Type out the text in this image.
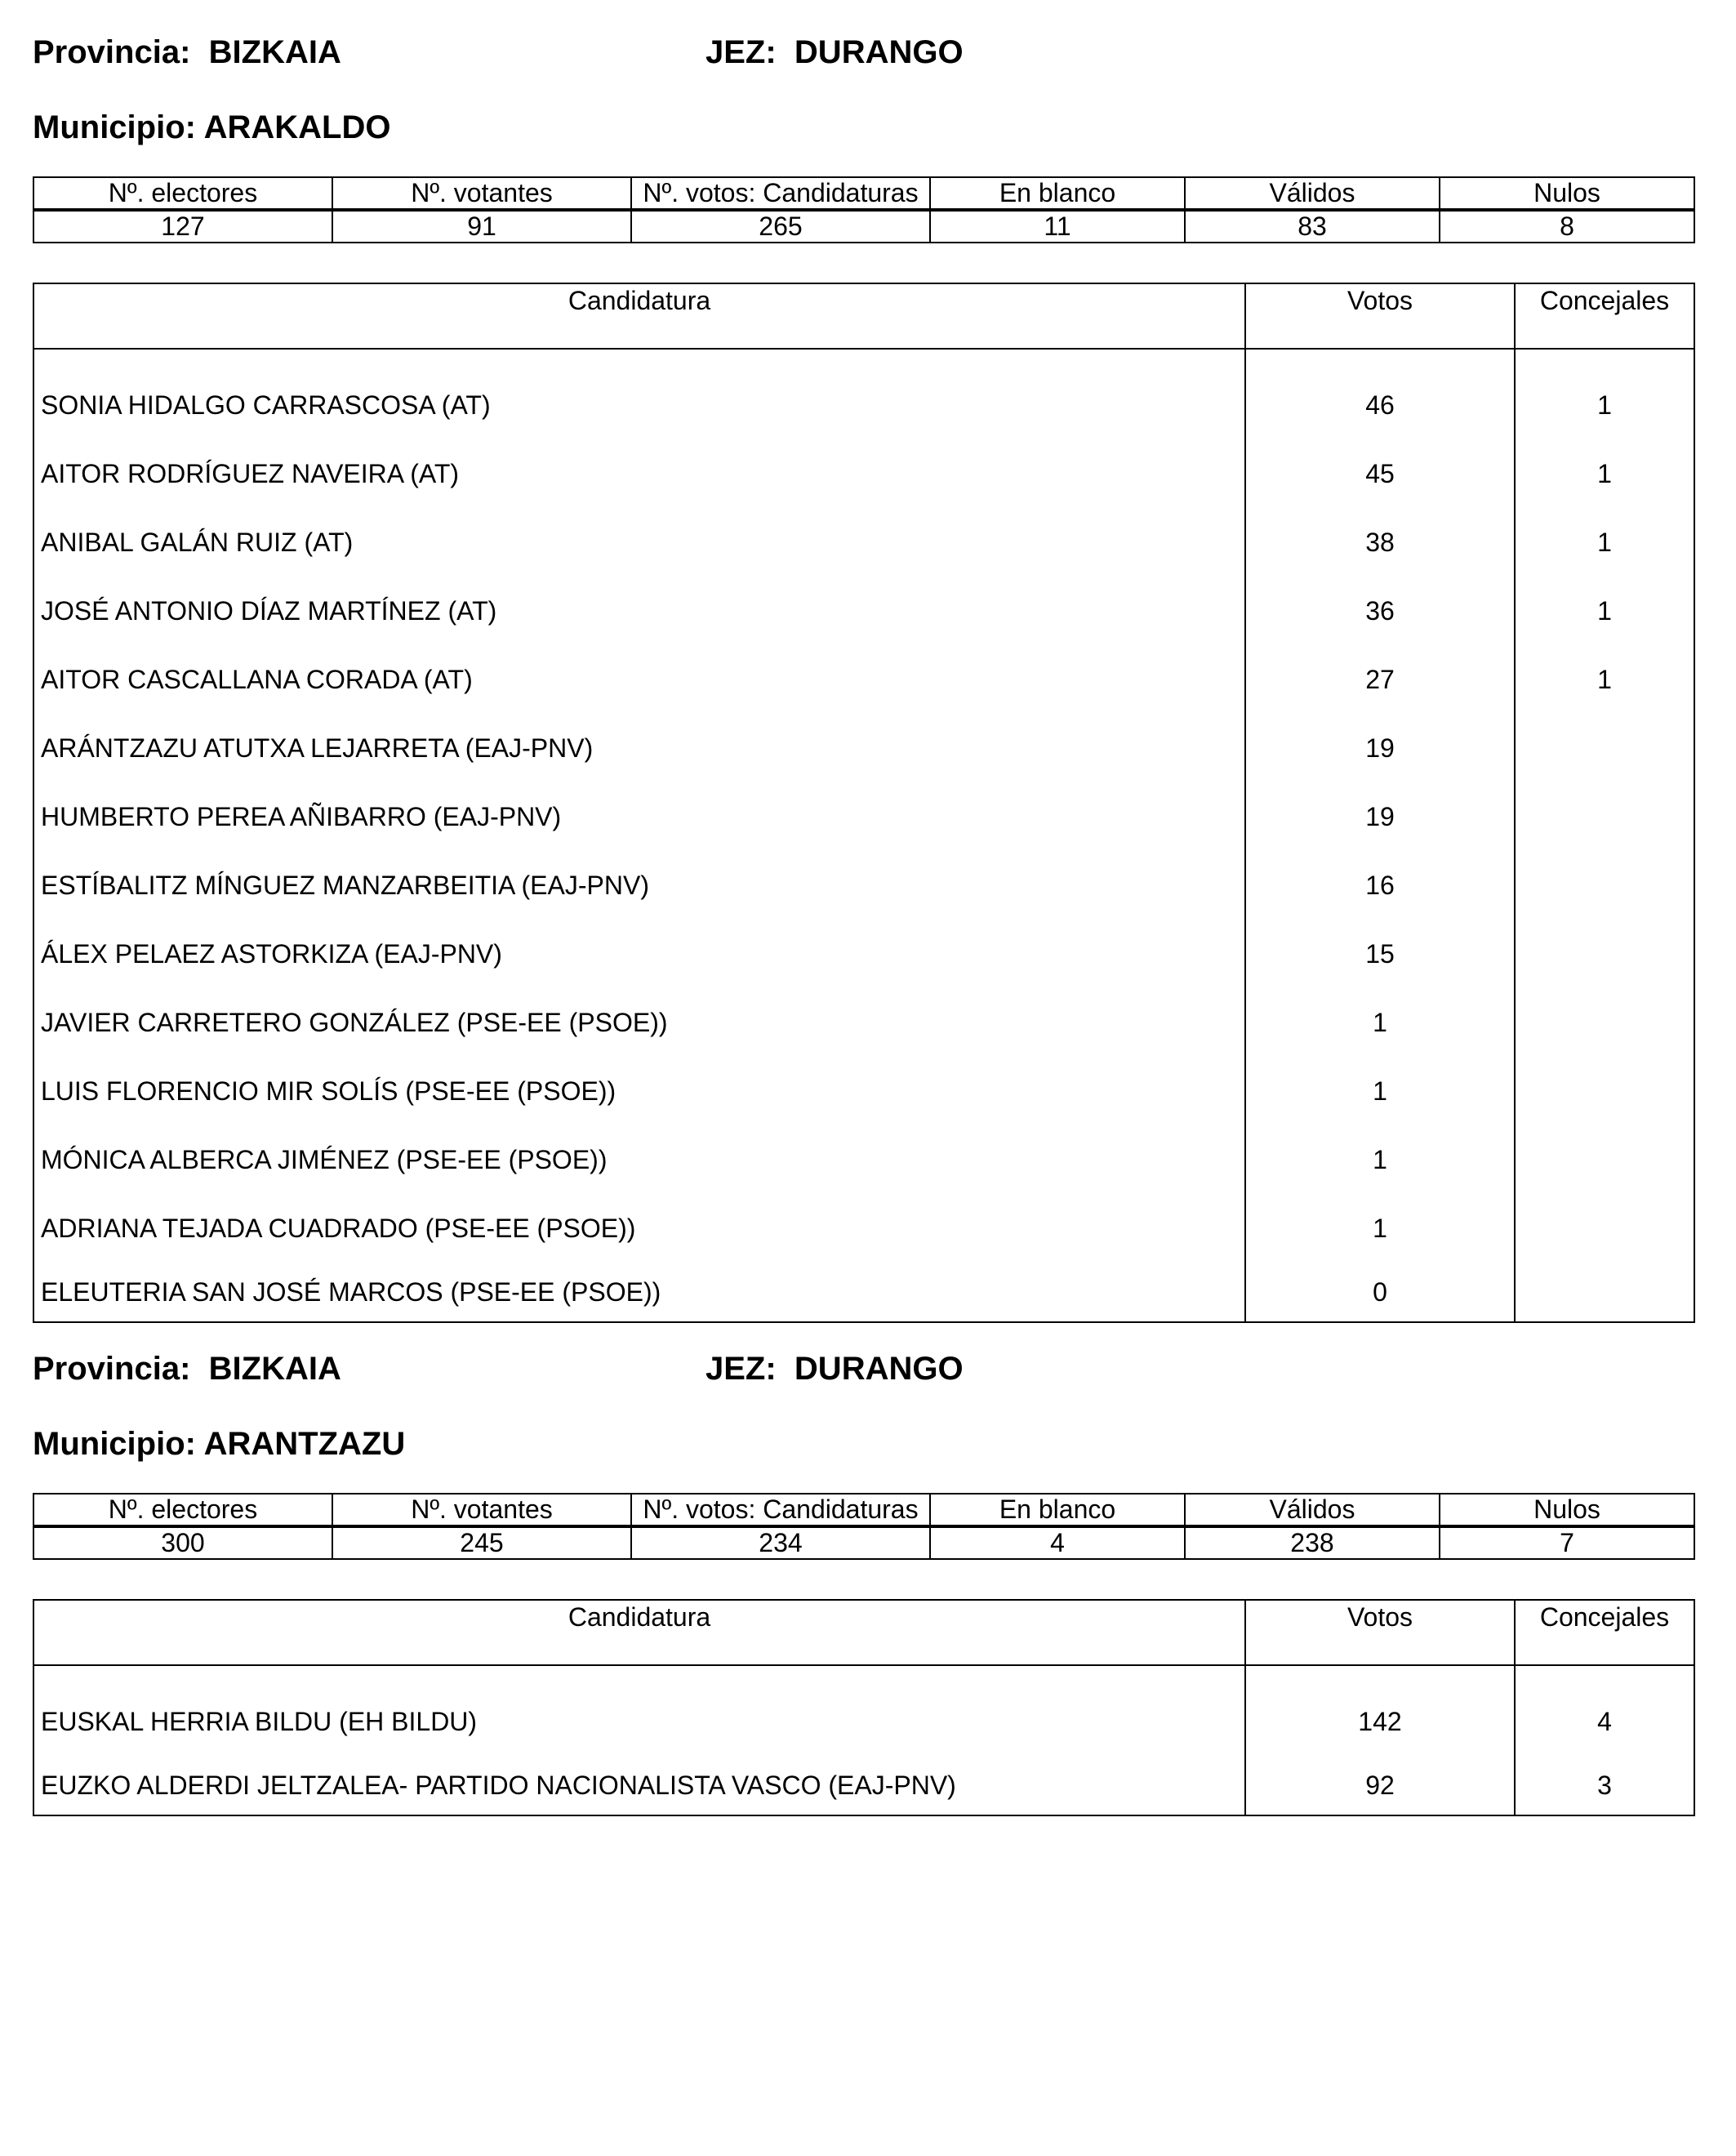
Provincia: BIZKAIA	JEZ: DURANGO
Municipio: ARAKALDO
Nº. electores	Nº. votantes	Nº. votos: Candidaturas	En blanco	Válidos	Nulos
127	91	265	11	83	8
Candidatura	Votos	Concejales
SONIA HIDALGO CARRASCOSA (AT)	46	1
AITOR RODRÍGUEZ NAVEIRA (AT)	45	1
ANIBAL GALÁN RUIZ (AT)	38	1
JOSÉ ANTONIO DÍAZ MARTÍNEZ (AT)	36	1
AITOR CASCALLANA CORADA (AT)	27	1
ARÁNTZAZU ATUTXA LEJARRETA (EAJ-PNV)	19	
HUMBERTO PEREA AÑIBARRO (EAJ-PNV)	19	
ESTÍBALITZ MÍNGUEZ MANZARBEITIA (EAJ-PNV)	16	
ÁLEX PELAEZ ASTORKIZA (EAJ-PNV)	15	
JAVIER CARRETERO GONZÁLEZ (PSE-EE (PSOE))	1	
LUIS FLORENCIO MIR SOLÍS (PSE-EE (PSOE))	1	
MÓNICA ALBERCA JIMÉNEZ (PSE-EE (PSOE))	1	
ADRIANA TEJADA CUADRADO (PSE-EE (PSOE))	1	
ELEUTERIA SAN JOSÉ MARCOS (PSE-EE (PSOE))	0	
Provincia: BIZKAIA	JEZ: DURANGO
Municipio: ARANTZAZU
Nº. electores	Nº. votantes	Nº. votos: Candidaturas	En blanco	Válidos	Nulos
300	245	234	4	238	7
Candidatura	Votos	Concejales
EUSKAL HERRIA BILDU (EH BILDU)	142	4
EUZKO ALDERDI JELTZALEA- PARTIDO NACIONALISTA VASCO (EAJ-PNV)	92	3
